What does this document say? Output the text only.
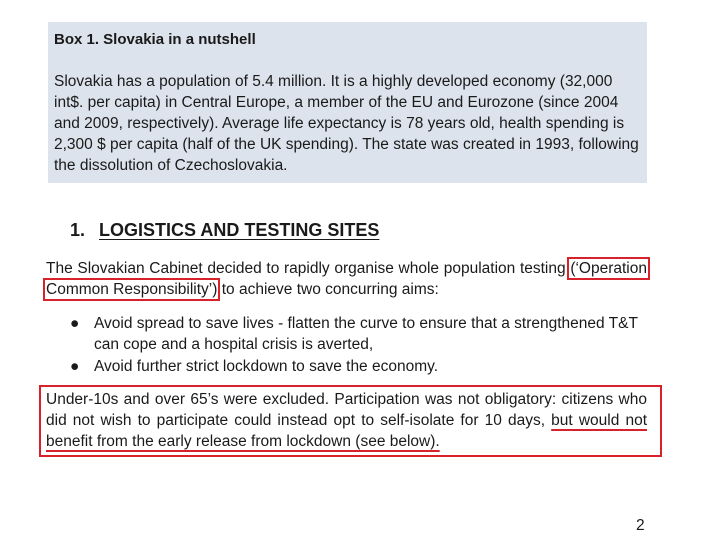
Box 1. Slovakia in a nutshell

Slovakia has a population of 5.4 million. It is a highly developed economy (32,000 int$. per capita) in Central Europe, a member of the EU and Eurozone (since 2004 and 2009, respectively). Average life expectancy is 78 years old, health spending is 2,300 $ per capita (half of the UK spending). The state was created in 1993, following the dissolution of Czechoslovakia.

1. LOGISTICS AND TESTING SITES

The Slovakian Cabinet decided to rapidly organise whole population testing (‘Operation Common Responsibility’) to achieve two concurring aims:

● Avoid spread to save lives - flatten the curve to ensure that a strengthened T&T can cope and a hospital crisis is averted,
● Avoid further strict lockdown to save the economy.

Under-10s and over 65’s were excluded. Participation was not obligatory: citizens who did not wish to participate could instead opt to self-isolate for 10 days, but would not benefit from the early release from lockdown (see below).

2
